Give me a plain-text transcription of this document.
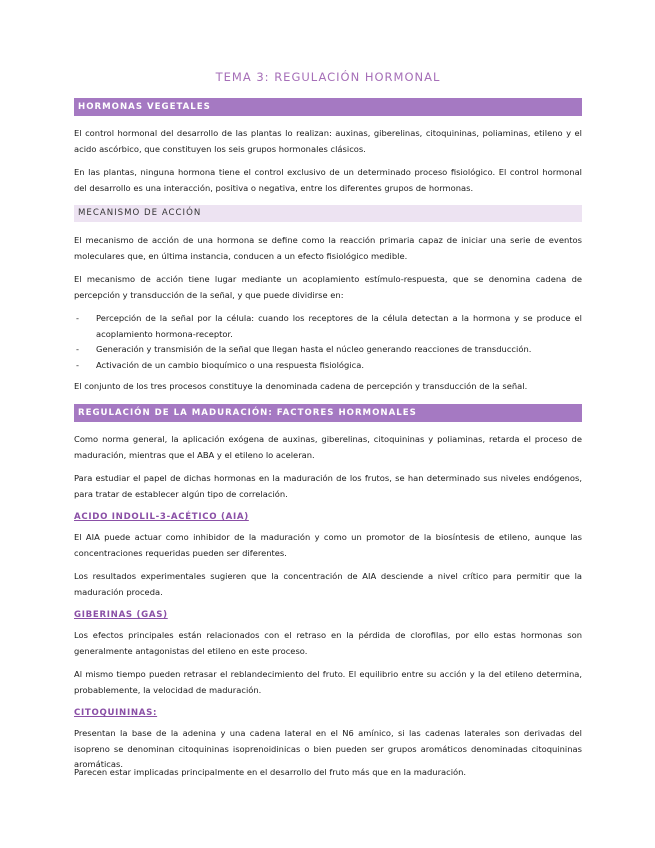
TEMA 3: REGULACIÓN HORMONAL
HORMONAS VEGETALES

El control hormonal del desarrollo de las plantas lo realizan: auxinas, giberelinas, citoquininas, poliaminas, etileno y el acido ascórbico, que constituyen los seis grupos hormonales clásicos.

En las plantas, ninguna hormona tiene el control exclusivo de un determinado proceso fisiológico. El control hormonal del desarrollo es una interacción, positiva o negativa, entre los diferentes grupos de hormonas.

MECANISMO DE ACCIÓN

El mecanismo de acción de una hormona se define como la reacción primaria capaz de iniciar una serie de eventos moleculares que, en última instancia, conducen a un efecto fisiológico medible.

El mecanismo de acción tiene lugar mediante un acoplamiento estímulo-respuesta, que se denomina cadena de percepción y transducción de la señal, y que puede dividirse en:

- Percepción de la señal por la célula: cuando los receptores de la célula detectan a la hormona y se produce el acoplamiento hormona-receptor.
- Generación y transmisión de la señal que llegan hasta el núcleo generando reacciones de transducción.
- Activación de un cambio bioquímico o una respuesta fisiológica.

El conjunto de los tres procesos constituye la denominada cadena de percepción y transducción de la señal.

REGULACIÓN DE LA MADURACIÓN: FACTORES HORMONALES

Como norma general, la aplicación exógena de auxinas, giberelinas, citoquininas y poliaminas, retarda el proceso de maduración, mientras que el ABA y el etileno lo aceleran.

Para estudiar el papel de dichas hormonas en la maduración de los frutos, se han determinado sus niveles endógenos, para tratar de establecer algún tipo de correlación.

ACIDO INDOLIL-3-ACÉTICO (AIA)

El AIA puede actuar como inhibidor de la maduración y como un promotor de la biosíntesis de etileno, aunque las concentraciones requeridas pueden ser diferentes.

Los resultados experimentales sugieren que la concentración de AIA desciende a nivel crítico para permitir que la maduración proceda.

GIBERINAS (GAS)

Los efectos principales están relacionados con el retraso en la pérdida de clorofilas, por ello estas hormonas son generalmente antagonistas del etileno en este proceso.

Al mismo tiempo pueden retrasar el reblandecimiento del fruto. El equilibrio entre su acción y la del etileno determina, probablemente, la velocidad de maduración.

CITOQUININAS:

Presentan la base de la adenina y una cadena lateral en el N6 amínico, si las cadenas laterales son derivadas del isopreno se denominan citoquininas isoprenoidinicas o bien pueden ser grupos aromáticos denominadas citoquininas aromáticas.

Parecen estar implicadas principalmente en el desarrollo del fruto más que en la maduración.
